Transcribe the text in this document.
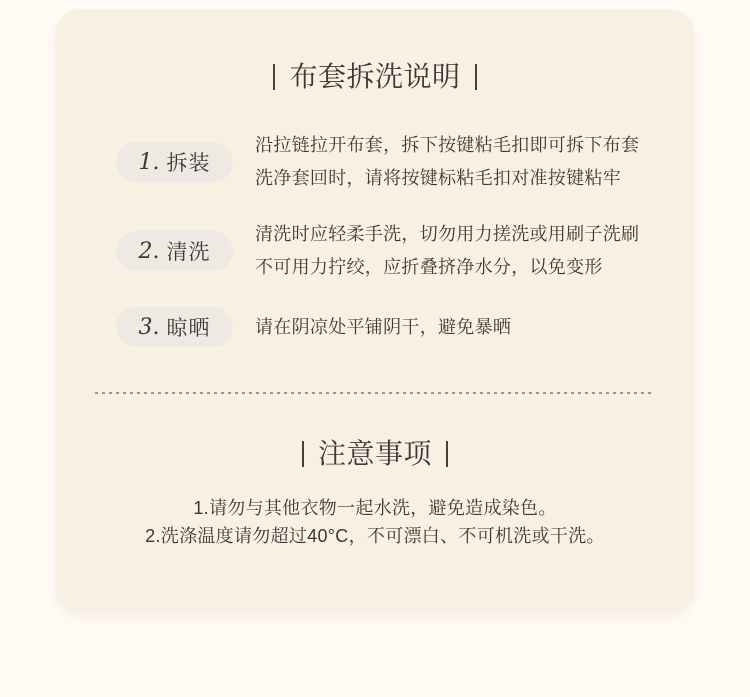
布套拆洗说明
1. 拆装
沿拉链拉开布套，拆下按键粘毛扣即可拆下布套
洗净套回时，请将按键标粘毛扣对准按键粘牢
2. 清洗
清洗时应轻柔手洗，切勿用力搓洗或用刷子洗刷
不可用力拧绞，应折叠挤净水分，以免变形
3. 晾晒 请在阴凉处平铺阴干，避免暴晒
注意事项
1.请勿与其他衣物一起水洗，避免造成染色。
2.洗涤温度请勿超过40°C，不可漂白、不可机洗或干洗。
